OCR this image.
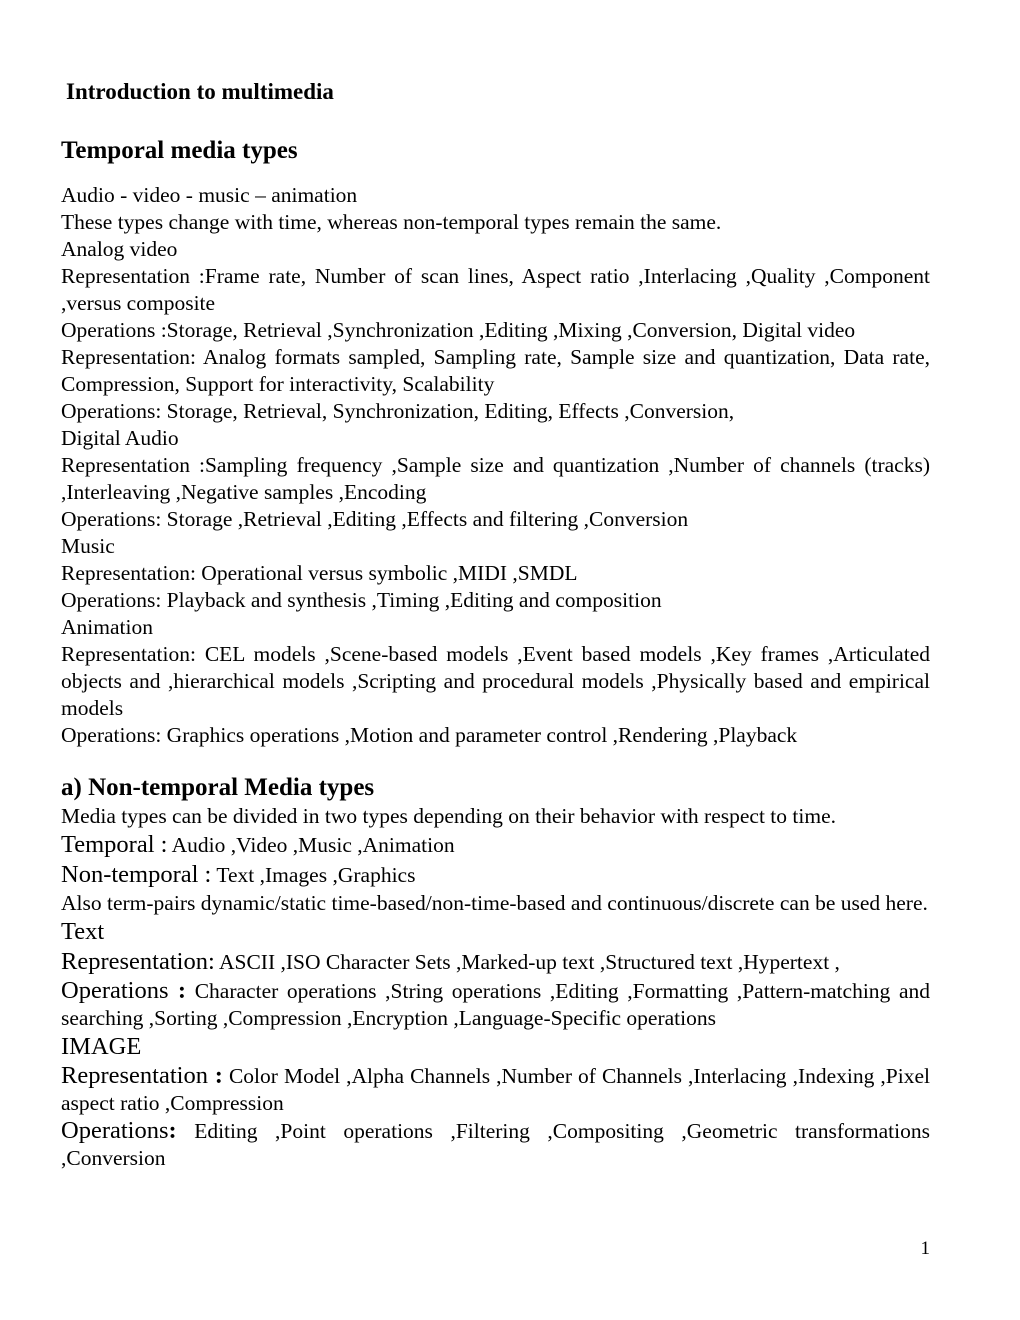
Introduction to multimedia
Temporal media types

Audio - video - music – animation

These types change with time, whereas non-temporal types remain the same.

Analog video

Representation :Frame rate, Number of scan lines, Aspect ratio ,Interlacing ,Quality ,Component ,versus composite

Operations :Storage, Retrieval ,Synchronization ,Editing ,Mixing ,Conversion, Digital video

Representation: Analog formats sampled, Sampling rate, Sample size and quantization, Data rate, Compression, Support for interactivity, Scalability

Operations: Storage, Retrieval, Synchronization, Editing, Effects ,Conversion,

Digital Audio

Representation :Sampling frequency ,Sample size and quantization ,Number of channels (tracks) ,Interleaving ,Negative samples ,Encoding

Operations: Storage ,Retrieval ,Editing ,Effects and filtering ,Conversion

Music

Representation: Operational versus symbolic ,MIDI ,SMDL

Operations: Playback and synthesis ,Timing ,Editing and composition

Animation

Representation: CEL models ,Scene-based models ,Event based models ,Key frames ,Articulated objects and ,hierarchical models ,Scripting and procedural models ,Physically based and empirical models

Operations: Graphics operations ,Motion and parameter control ,Rendering ,Playback

a) Non-temporal Media types

Media types can be divided in two types depending on their behavior with respect to time.

Temporal : Audio ,Video ,Music ,Animation

Non-temporal : Text ,Images ,Graphics

Also term-pairs dynamic/static time-based/non-time-based and continuous/discrete can be used here.

Text

Representation: ASCII ,ISO Character Sets ,Marked-up text ,Structured text ,Hypertext ,

Operations : Character operations ,String operations ,Editing ,Formatting ,Pattern-matching and searching ,Sorting ,Compression ,Encryption ,Language-Specific operations

IMAGE

Representation : Color Model ,Alpha Channels ,Number of Channels ,Interlacing ,Indexing ,Pixel aspect ratio ,Compression

Operations: Editing ,Point operations ,Filtering ,Compositing ,Geometric transformations ,Conversion

1
